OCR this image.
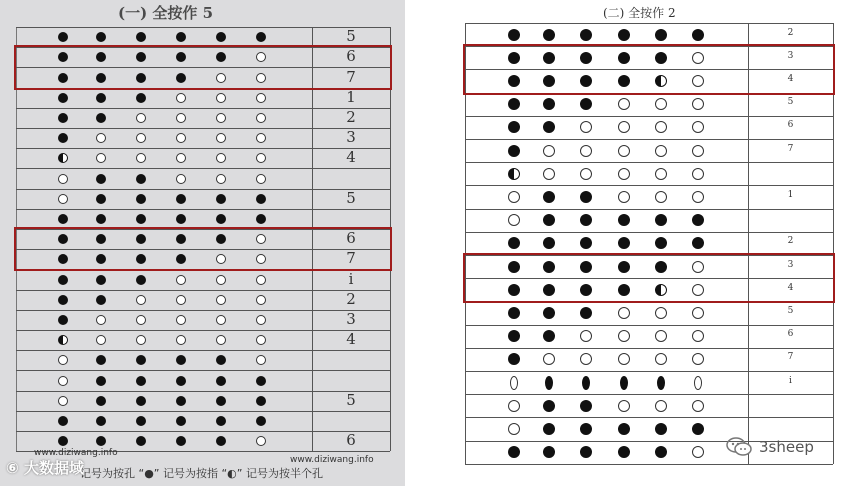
(一) 全按作 5
5
6
7
1
2
3
4
5
6
7
i
2
3
4
5
6
www.diziwang.info
www.diziwang.info
记号为按孔 “●” 记号为按指 “◐” 记号为按半个孔
⑥ 大数据域
(二) 全按作 2
2
3
4
5
6
7
1
2
3
4
5
6
7
i
3sheep
